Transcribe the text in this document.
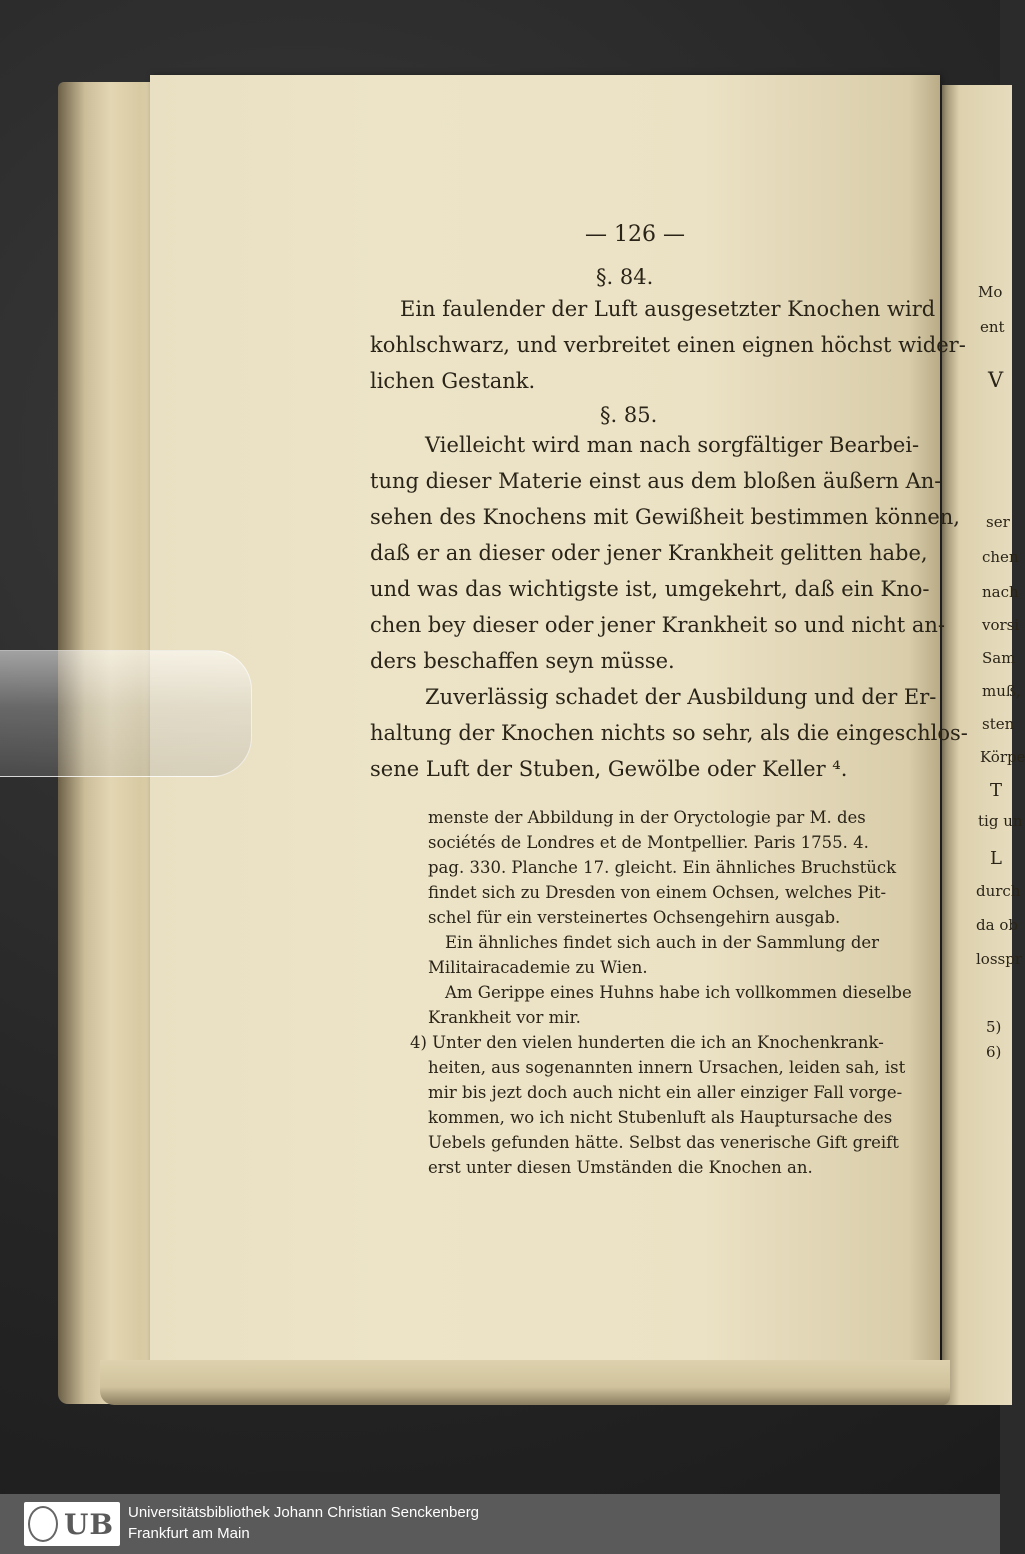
— 126 —
§. 84.
Ein faulender der Luft ausgesetzter Knochen wird
kohlschwarz, und verbreitet einen eignen höchst wider-
lichen Gestank.
§. 85.
Vielleicht wird man nach sorgfältiger Bearbei-
tung dieser Materie einst aus dem bloßen äußern An-
sehen des Knochens mit Gewißheit bestimmen können,
daß er an dieser oder jener Krankheit gelitten habe,
und was das wichtigste ist, umgekehrt, daß ein Kno-
chen bey dieser oder jener Krankheit so und nicht an-
ders beschaffen seyn müsse.
Zuverlässig schadet der Ausbildung und der Er-
haltung der Knochen nichts so sehr, als die eingeschlos-
sene Luft der Stuben, Gewölbe oder Keller ⁴.
menste der Abbildung in der Oryctologie par M. des
sociétés de Londres et de Montpellier. Paris 1755. 4.
pag. 330. Planche 17. gleicht. Ein ähnliches Bruchstück
findet sich zu Dresden von einem Ochsen, welches Pit-
schel für ein versteinertes Ochsengehirn ausgab.
Ein ähnliches findet sich auch in der Sammlung der
Militairacademie zu Wien.
Am Gerippe eines Huhns habe ich vollkommen dieselbe
Krankheit vor mir.
4) Unter den vielen hunderten die ich an Knochenkrank-
heiten, aus sogenannten innern Ursachen, leiden sah, ist
mir bis jezt doch auch nicht ein aller einziger Fall vorge-
kommen, wo ich nicht Stubenluft als Hauptursache des
Uebels gefunden hätte. Selbst das venerische Gift greift
erst unter diesen Umständen die Knochen an.
Mo
ent
V
ser
chen
nach
vorsi
Sam
muß,
sten
Körpe
T
tig un
L
durch
da ob
losspr
5)
6)
UB Universitätsbibliothek Johann Christian Senckenberg
Frankfurt am Main
